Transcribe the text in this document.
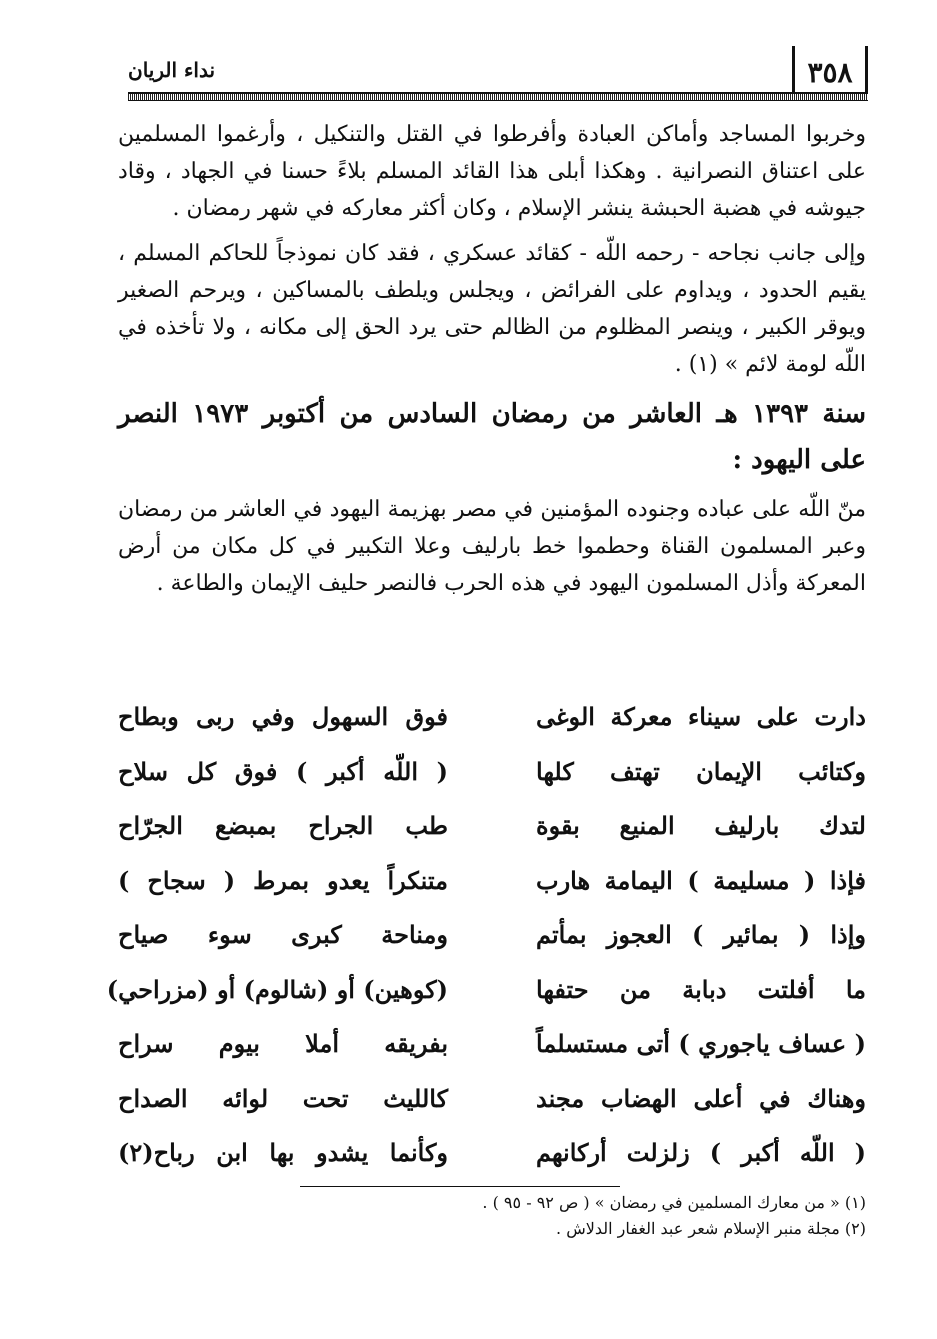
نداء الريان	٣٥٨

وخربوا المساجد وأماكن العبادة وأفرطوا في القتل والتنكيل ، وأرغموا المسلمين على اعتناق النصرانية . وهكذا أبلى هذا القائد المسلم بلاءً حسنا في الجهاد ، وقاد جيوشه في هضبة الحبشة ينشر الإسلام ، وكان أكثر معاركه في شهر رمضان .

وإلى جانب نجاحه - رحمه اللّه - كقائد عسكري ، فقد كان نموذجاً للحاكم المسلم ، يقيم الحدود ، ويداوم على الفرائض ، ويجلس ويلطف بالمساكين ، ويرحم الصغير ويوقر الكبير ، وينصر المظلوم من الظالم حتى يرد الحق إلى مكانه ، ولا تأخذه في اللّه لومة لائم » (١) .

سنة ١٣٩٣ هـ العاشر من رمضان السادس من أكتوبر ١٩٧٣ النصر على اليهود :

منّ اللّه على عباده وجنوده المؤمنين في مصر بهزيمة اليهود في العاشر من رمضان وعبر المسلمون القناة وحطموا خط بارليف وعلا التكبير في كل مكان من أرض المعركة وأذل المسلمون اليهود في هذه الحرب فالنصر حليف الإيمان والطاعة .

دارت على سيناء معركة الوغى
فوق السهول وفي ربى وبطاح
وكتائب الإيمان تهتف كلها
( اللّه أكبر ) فوق كل سلاح
لتدك بارليف المنيع بقوة
طب الجراح بمبضع الجرّاح
فإذا ( مسليمة ) اليمامة هارب
متنكراً يعدو بمرط ( سجاح )
وإذا ( بمائير ) العجوز بمأتم
ومناحة كبرى سوء صياح
ما أفلتت دبابة من حتفها
(كوهين) أو (شالوم) أو (مزراحي)
( عساف ياجوري ) أتى مستسلماً
بفريقه أملا بيوم سراح
وهناك في أعلى الهضاب مجند
كالليث تحت لوائه الصداح
( اللّه أكبر ) زلزلت أركانهم
وكأنما يشدو بها ابن رباح(٢)
(١) « من معارك المسلمين في رمضان » ( ص ٩٢ - ٩٥ ) .
(٢) مجلة منبر الإسلام شعر عبد الغفار الدلاش .
